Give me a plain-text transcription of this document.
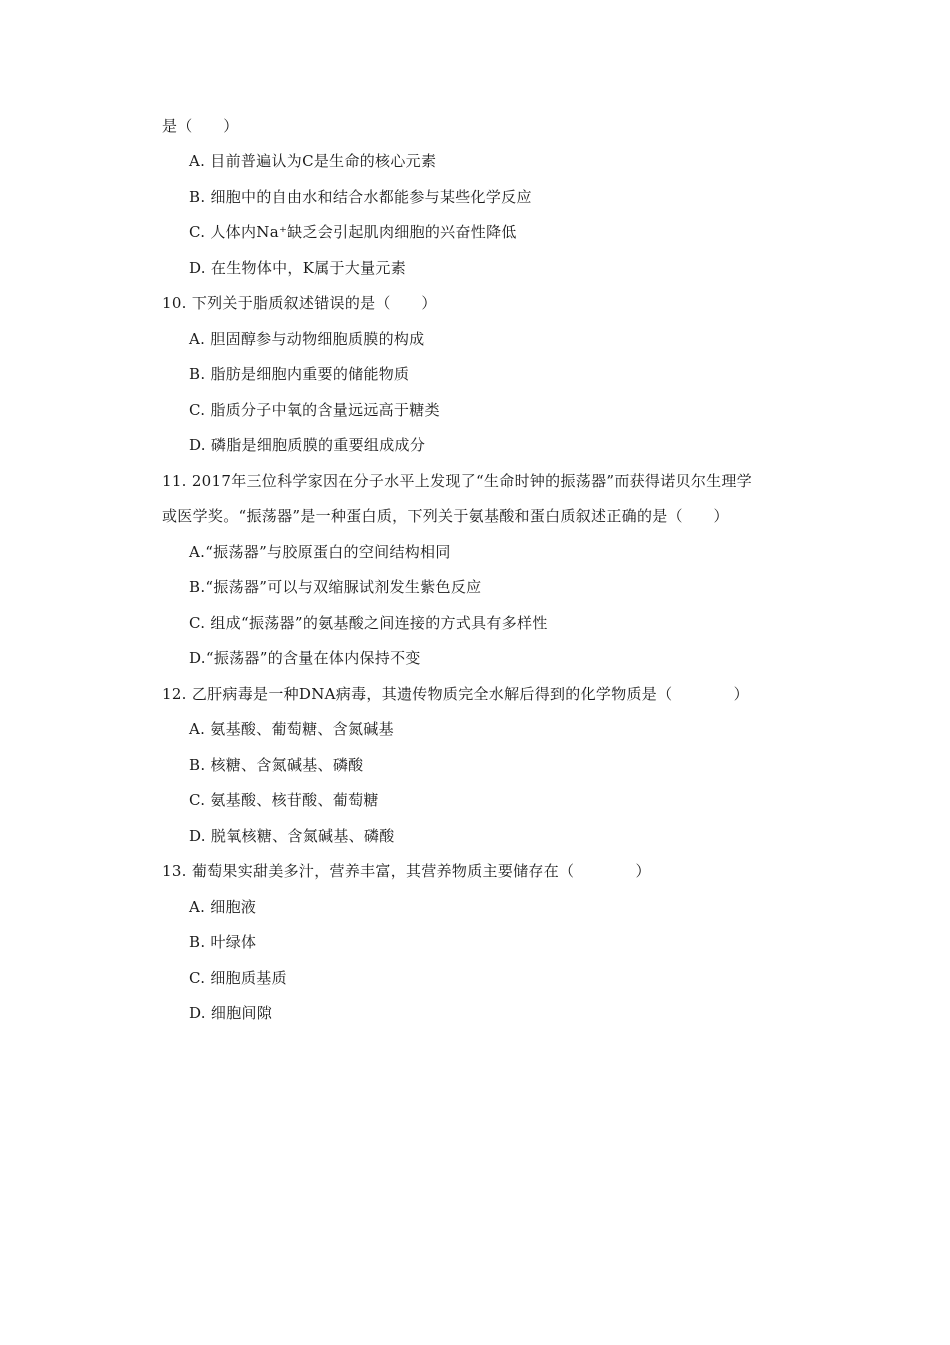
是（　　）
A. 目前普遍认为C是生命的核心元素
B. 细胞中的自由水和结合水都能参与某些化学反应
C. 人体内Na⁺缺乏会引起肌肉细胞的兴奋性降低
D. 在生物体中，K属于大量元素
10. 下列关于脂质叙述错误的是（　　）
A. 胆固醇参与动物细胞质膜的构成
B. 脂肪是细胞内重要的储能物质
C. 脂质分子中氧的含量远远高于糖类
D. 磷脂是细胞质膜的重要组成成分
11. 2017年三位科学家因在分子水平上发现了“生命时钟的振荡器”而获得诺贝尔生理学
或医学奖。“振荡器”是一种蛋白质，下列关于氨基酸和蛋白质叙述正确的是（　　）
A.“振荡器”与胶原蛋白的空间结构相同
B.“振荡器”可以与双缩脲试剂发生紫色反应
C. 组成“振荡器”的氨基酸之间连接的方式具有多样性
D.“振荡器”的含量在体内保持不变
12. 乙肝病毒是一种DNA病毒，其遗传物质完全水解后得到的化学物质是（　　　　）
A. 氨基酸、葡萄糖、含氮碱基
B. 核糖、含氮碱基、磷酸
C. 氨基酸、核苷酸、葡萄糖
D. 脱氧核糖、含氮碱基、磷酸
13. 葡萄果实甜美多汁，营养丰富，其营养物质主要储存在（　　　　）
A. 细胞液
B. 叶绿体
C. 细胞质基质
D. 细胞间隙
